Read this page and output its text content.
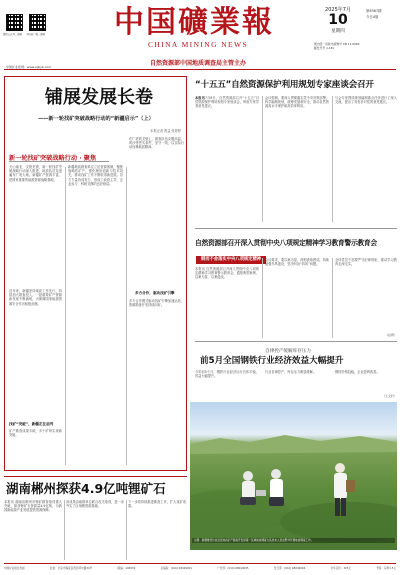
微信公众号二维码	手机客户端二维码 中国礦業報
CHINA MINING NEWS
2025年7月
10
星期四
第6367期
今日4版
国内统一连续出版物号 CN 11-0082
邮发代号 1-181
自然资源部中国地质调查局主管主办
中国矿业报网：www.zgkyb.com
铺展发展长卷
——新一轮找矿突破战略行动的“新疆启示”（上）
本报记者 贾益 张婷婷
新一轮找矿突破战略行动 · 聚焦
天山南北，戈壁荒漠，新一轮找矿突破战略行动深入推进，地质队员足迹遍布广袤大地。新疆矿产资源丰富，是国家重要的能源资源战略基地。
找矿“突破”，新疆走在前列
近年来，新疆坚持地质工作先行，持续加大勘查投入，一批重要矿产资源新发现不断涌现，为保障国家能源资源安全作出积极贡献。
矿产勘查成果丰硕，多个矿种实现新突破。
新疆地质勘查单位立足资源禀赋，聚焦战略性矿产，强化理论创新与技术攻关，推动找矿工作不断取得新进展。各方力量协同发力，形成了政府主导、企业参与、科研支撑的良好格局。
在广袤的戈壁上，勘查队伍克服高温、风沙等恶劣条件，坚守一线，以实际行动诠释地质精神。
多方合作，驱动找矿引擎
多方合作模式驱动找矿引擎加速运转，资源勘查开发持续向好。
“十五五”自然资源保护利用规划专家座谈会召开
本报讯7月8日，自然资源部召开“十五五”自然资源保护利用规划专家座谈会，听取专家学者意见建议。
会议强调，要深入贯彻落实党中央决策部署，科学编制规划，统筹发展和安全，推动自然资源高水平保护和高效率利用。
与会专家围绕规划编制重点任务进行了深入交流，提出了具有针对性的意见建议。
自然资源部召开深入贯彻中央八项规定精神学习教育警示教育会
铜而不舍落实中央八项规定精神
本报讯 自然资源部召开深入贯彻中央八项规定精神学习教育警示教育会，通报典型案例，以案为鉴、以案促改。
会议要求，要以案为鉴，深刻汲取教训，持续加强作风建设，坚决纠治“四风”问题。
全体党员干部要严守纪律规矩，推动学习教育走深走实。
（赵研）
自律控产缓解库存压力
前5月全国钢铁行业经济效益大幅提升
今年前5个月，钢铁行业经济运行总体平稳，效益大幅提升。
行业自律控产，库存压力明显缓解。	钢材价格趋稳，企业盈利改善。
（王文轩）
左图：新疆维吾尔自治区地质矿产勘查开发局第一区域地质调查大队技术人员在野外开展地质调查工作。
湖南郴州探获4.9亿吨锂矿石
本报讯 湖南省郴州市锂矿勘查取得重大突破，探获锂矿石资源量4.9亿吨，为我国新能源产业发展提供资源保障。
该成果由地勘单位联合攻关取得，进一步夯实了区域锂资源基础。
下一步将持续推进勘查工作，扩大找矿成果。
中国矿业报社出版	社址：北京市海淀区西四环中路39号	邮编：100039	总编室：(010) 68049001	广告部：(010) 68049035	发行部：(010) 68049046	全年定价：325元	零售：每份1.5元
